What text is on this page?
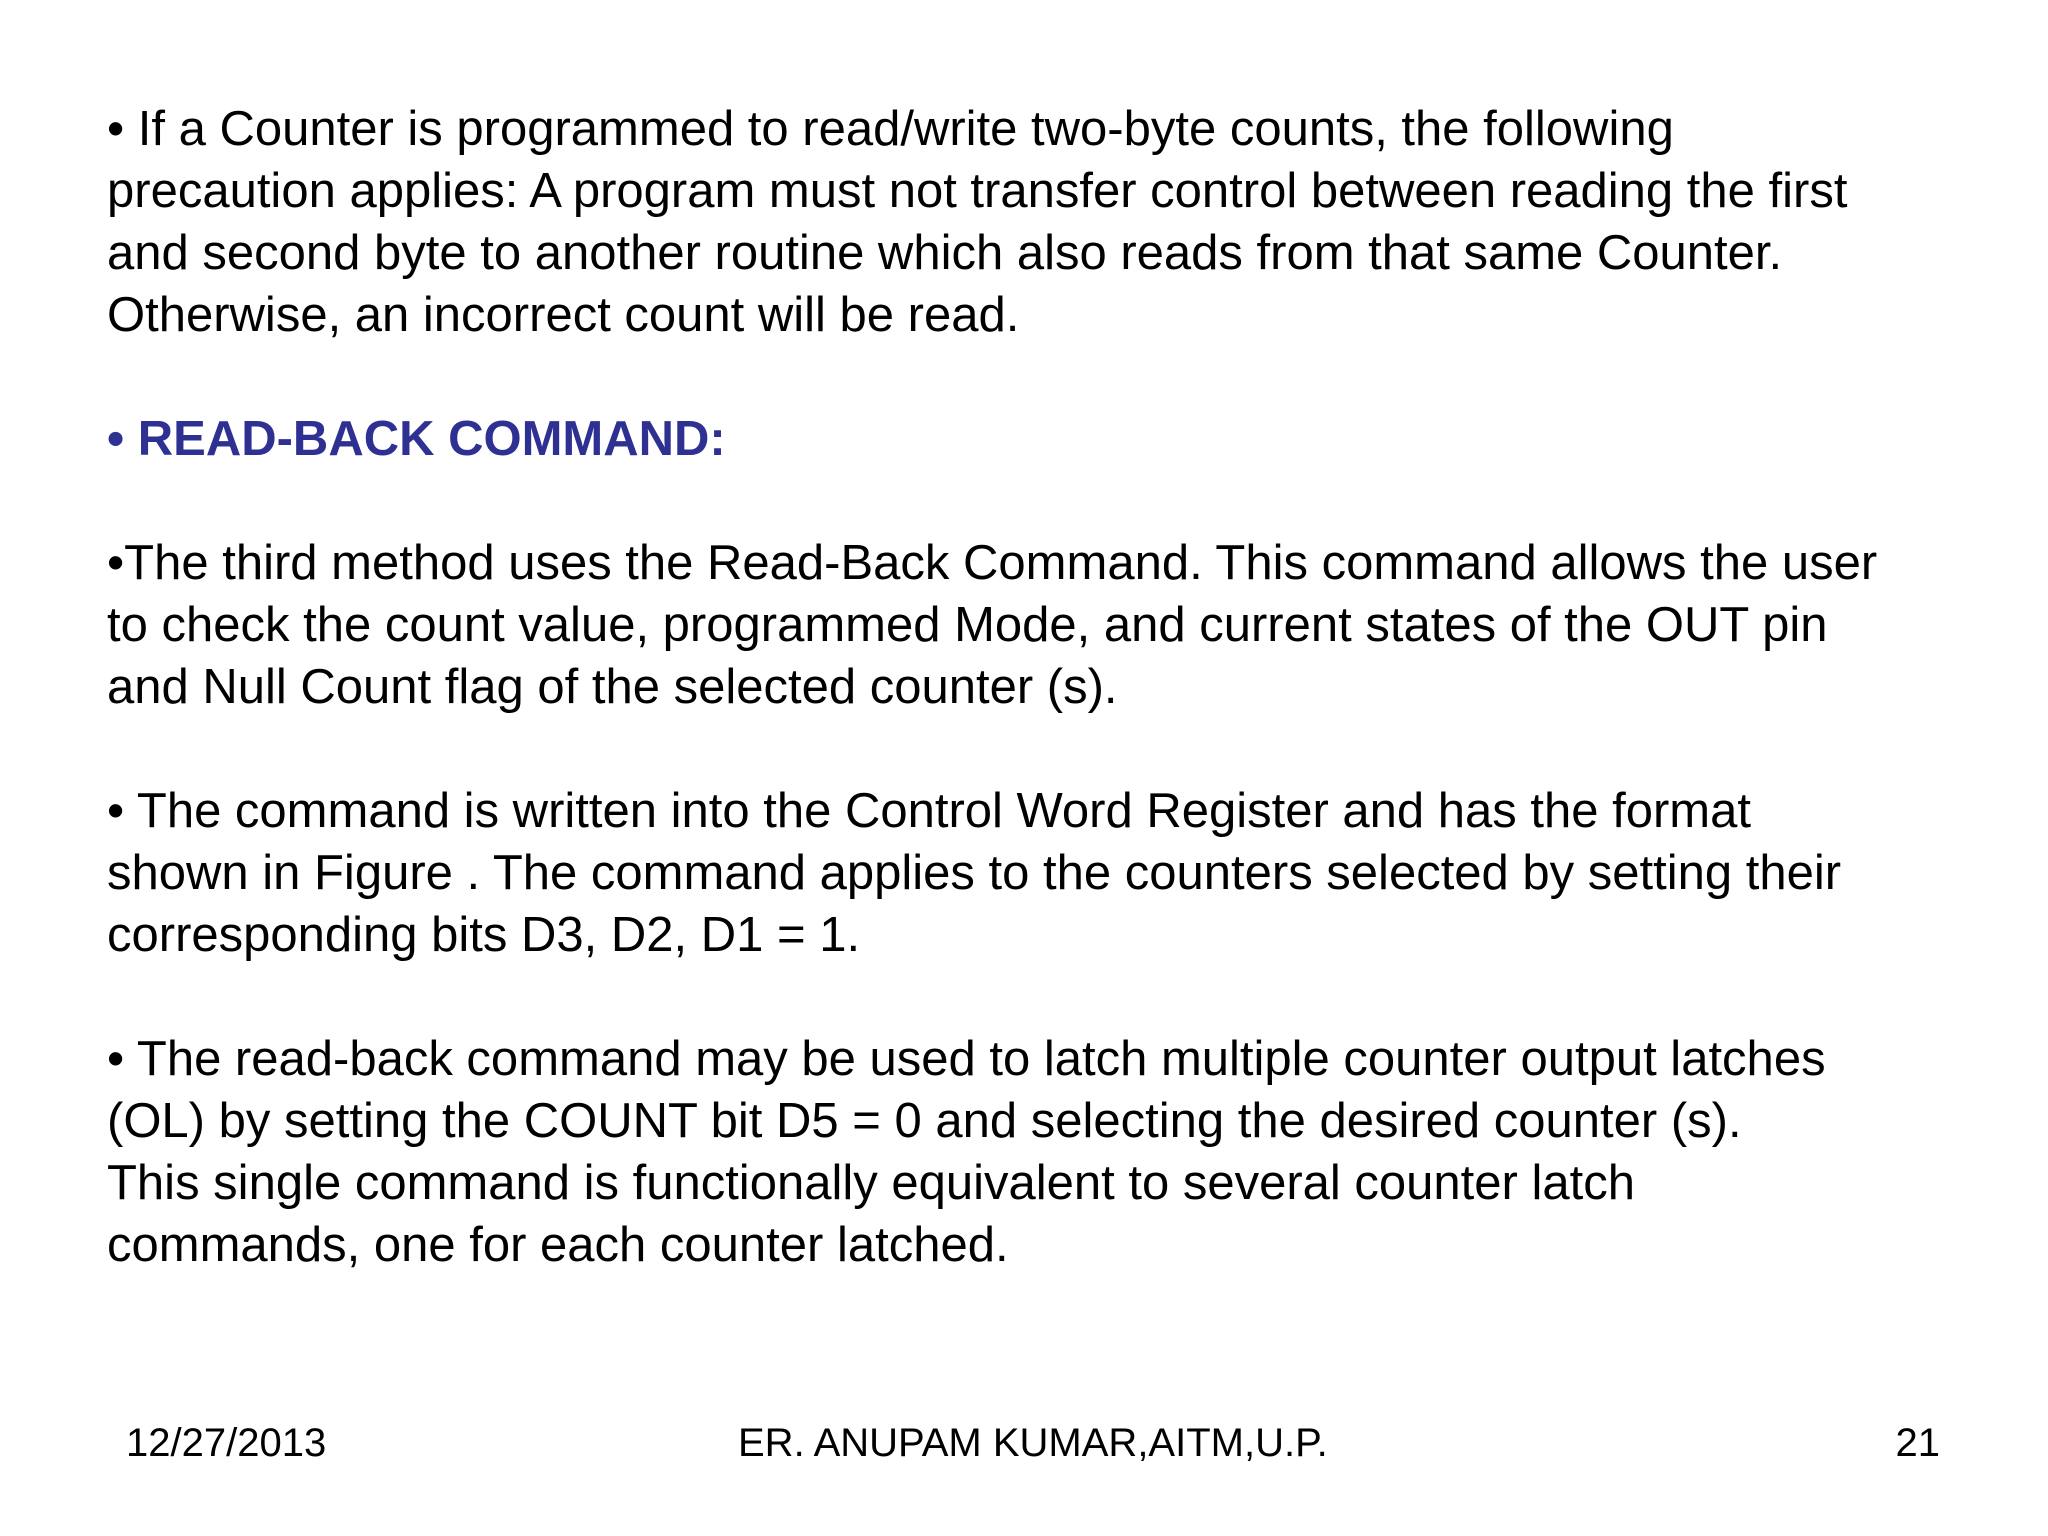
• If a Counter is programmed to read/write two-byte counts, the following
precaution applies: A program must not transfer control between reading the first
and second byte to another routine which also reads from that same Counter.
Otherwise, an incorrect count will be read.

• READ-BACK COMMAND:

•The third method uses the Read-Back Command. This command allows the user
to check the count value, programmed Mode, and current states of the OUT pin
and Null Count flag of the selected counter (s).

• The command is written into the Control Word Register and has the format
shown in Figure . The command applies to the counters selected by setting their
corresponding bits D3, D2, D1 = 1.

• The read-back command may be used to latch multiple counter output latches
(OL) by setting the COUNT bit D5 = 0 and selecting the desired counter (s).
This single command is functionally equivalent to several counter latch
commands, one for each counter latched.

12/27/2013	ER. ANUPAM KUMAR,AITM,U.P.	21
